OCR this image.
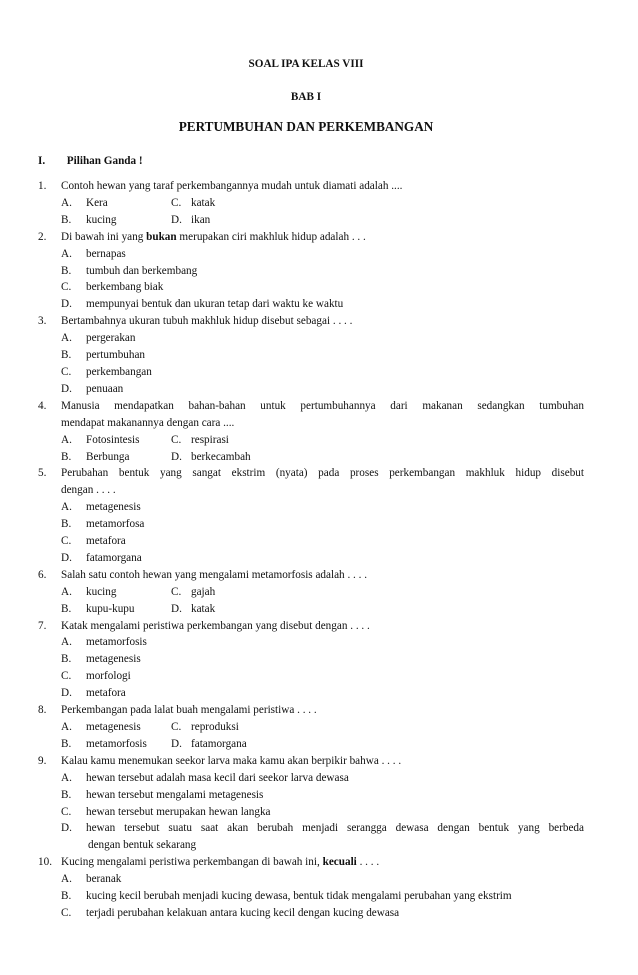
SOAL IPA KELAS VIII
BAB I
PERTUMBUHAN DAN PERKEMBANGAN
I. Pilihan Ganda !
1.	Contoh hewan yang taraf perkembangannya mudah untuk diamati adalah ....
A.	Kera	C. katak
B.	kucing	D. ikan
2.	Di bawah ini yang bukan merupakan ciri makhluk hidup adalah . . .
A.	bernapas
B.	tumbuh dan berkembang
C.	berkembang biak
D.	mempunyai bentuk dan ukuran tetap dari waktu ke waktu
3.	Bertambahnya ukuran tubuh makhluk hidup disebut sebagai . . . .
A.	pergerakan
B.	pertumbuhan
C.	perkembangan
D.	penuaan
4.	Manusia mendapatkan bahan-bahan untuk pertumbuhannya dari makanan sedangkan tumbuhan
mendapat makanannya dengan cara ....
A.	Fotosintesis	C. respirasi
B.	Berbunga	D. berkecambah
5.	Perubahan bentuk yang sangat ekstrim (nyata) pada proses perkembangan makhluk hidup disebut
dengan . . . .
A.	metagenesis
B.	metamorfosa
C.	metafora
D.	fatamorgana
6.	Salah satu contoh hewan yang mengalami metamorfosis adalah . . . .
A.	kucing	C. gajah
B.	kupu-kupu	D. katak
7.	Katak mengalami peristiwa perkembangan yang disebut dengan . . . .
A.	metamorfosis
B.	metagenesis
C.	morfologi
D.	metafora
8.	Perkembangan pada lalat buah mengalami peristiwa . . . .
A.	metagenesis	C. reproduksi
B.	metamorfosis D. fatamorgana
9.	Kalau kamu menemukan seekor larva maka kamu akan berpikir bahwa . . . .
A.	hewan tersebut adalah masa kecil dari seekor larva dewasa
B.	hewan tersebut mengalami metagenesis
C.	hewan tersebut merupakan hewan langka
D.	hewan tersebut suatu saat akan berubah menjadi serangga dewasa dengan bentuk yang berbeda
dengan bentuk sekarang
10. Kucing mengalami peristiwa perkembangan di bawah ini, kecuali . . . .
A.	beranak
B.	kucing kecil berubah menjadi kucing dewasa, bentuk tidak mengalami perubahan yang ekstrim
C.	terjadi perubahan kelakuan antara kucing kecil dengan kucing dewasa
